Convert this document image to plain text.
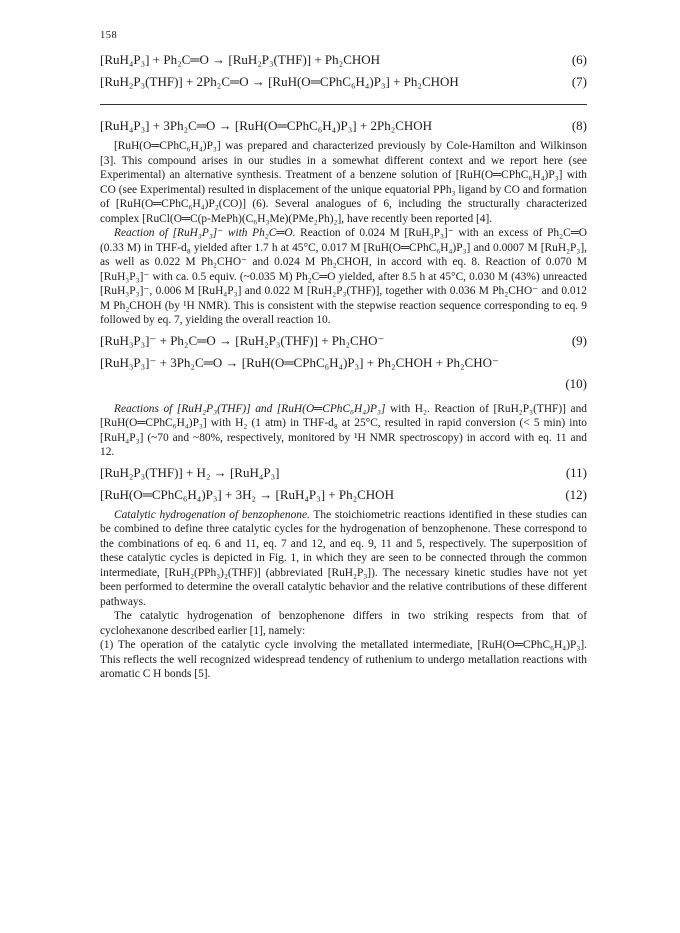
158
[RuH₄P₃] + Ph₂C═O → [RuH₂P₃(THF)] + Ph₂CHOH	(6)
[RuH₂P₃(THF)] + 2Ph₂C═O → [RuH(O═CPhC₆H₄)P₃] + Ph₂CHOH	(7)
[RuH₄P₃] + 3Ph₂C═O → [RuH(O═CPhC₆H₄)P₃] + 2Ph₂CHOH	(8)

[RuH(O═CPhC₆H₄)P₃] was prepared and characterized previously by Cole-Hamilton and Wilkinson [3]. This compound arises in our studies in a somewhat different context and we report here (see Experimental) an alternative synthesis. Treatment of a benzene solution of [RuH(O═CPhC₆H₄)P₃] with CO (see Experimental) resulted in displacement of the unique equatorial PPh₃ ligand by CO and formation of [RuH(O═CPhC₆H₄)P₂(CO)] (6). Several analogues of 6, including the structurally characterized complex [RuCl(O═C(p-MePh)(C₆H₃Me)(PMe₂Ph)₂], have recently been reported [4].

Reaction of [RuH₃P₃]⁻ with Ph₂C═O. Reaction of 0.024 M [RuH₃P₃]⁻ with an excess of Ph₂C═O (0.33 M) in THF-d₈ yielded after 1.7 h at 45°C, 0.017 M [RuH(O═CPhC₆H₄)P₃] and 0.0007 M [RuH₂P₃], as well as 0.022 M Ph₂CHO⁻ and 0.024 M Ph₂CHOH, in accord with eq. 8. Reaction of 0.070 M [RuH₃P₃]⁻ with ca. 0.5 equiv. (~0.035 M) Ph₂C═O yielded, after 8.5 h at 45°C, 0.030 M (43%) unreacted [RuH₃P₃]⁻, 0.006 M [RuH₄P₃] and 0.022 M [RuH₂P₃(THF)], together with 0.036 M Ph₂CHO⁻ and 0.012 M Ph₂CHOH (by ¹H NMR). This is consistent with the stepwise reaction sequence corresponding to eq. 9 followed by eq. 7, yielding the overall reaction 10.

[RuH₃P₃]⁻ + Ph₂C═O → [RuH₂P₃(THF)] + Ph₂CHO⁻	(9)
[RuH₃P₃]⁻ + 3Ph₂C═O → [RuH(O═CPhC₆H₄)P₃] + Ph₂CHOH + Ph₂CHO⁻
(10)

Reactions of [RuH₂P₃(THF)] and [RuH(O═CPhC₆H₄)P₃] with H₂. Reaction of [RuH₂P₃(THF)] and [RuH(O═CPhC₆H₄)P₃] with H₂ (1 atm) in THF-d₈ at 25°C, resulted in rapid conversion (< 5 min) into [RuH₄P₃] (~70 and ~80%, respectively, monitored by ¹H NMR spectroscopy) in accord with eq. 11 and 12.

[RuH₂P₃(THF)] + H₂ → [RuH₄P₃]	(11)
[RuH(O═CPhC₆H₄)P₃] + 3H₂ → [RuH₄P₃] + Ph₂CHOH	(12)

Catalytic hydrogenation of benzophenone. The stoichiometric reactions identified in these studies can be combined to define three catalytic cycles for the hydrogenation of benzophenone. These correspond to the combinations of eq. 6 and 11, eq. 7 and 12, and eq. 9, 11 and 5, respectively. The superposition of these catalytic cycles is depicted in Fig. 1, in which they are seen to be connected through the common intermediate, [RuH₂(PPh₃)₂(THF)] (abbreviated [RuH₂P₃]). The necessary kinetic studies have not yet been performed to determine the overall catalytic behavior and the relative contributions of these different pathways.

The catalytic hydrogenation of benzophenone differs in two striking respects from that of cyclohexanone described earlier [1], namely:

(1) The operation of the catalytic cycle involving the metallated intermediate, [RuH(O═CPhC₆H₄)P₃]. This reflects the well recognized widespread tendency of ruthenium to undergo metallation reactions with aromatic C H bonds [5].
